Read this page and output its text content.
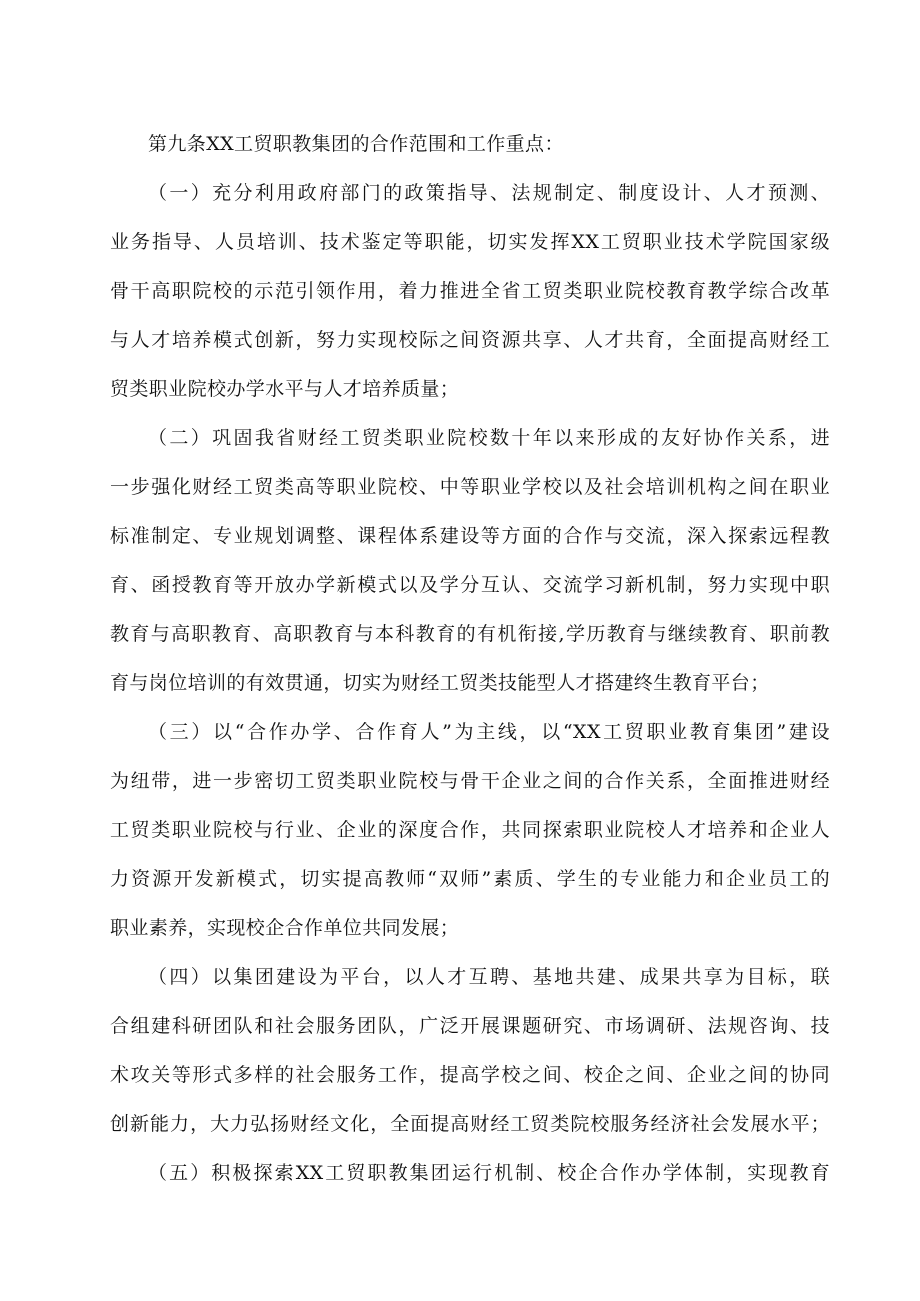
第九条XX工贸职教集团的合作范围和工作重点：
（一）充分利用政府部门的政策指导、法规制定、制度设计、人才预测、
业务指导、人员培训、技术鉴定等职能，切实发挥XX工贸职业技术学院国家级
骨干高职院校的示范引领作用，着力推进全省工贸类职业院校教育教学综合改革
与人才培养模式创新，努力实现校际之间资源共享、人才共育，全面提高财经工
贸类职业院校办学水平与人才培养质量；
（二）巩固我省财经工贸类职业院校数十年以来形成的友好协作关系，进
一步强化财经工贸类高等职业院校、中等职业学校以及社会培训机构之间在职业
标准制定、专业规划调整、课程体系建设等方面的合作与交流，深入探索远程教
育、函授教育等开放办学新模式以及学分互认、交流学习新机制，努力实现中职
教育与高职教育、高职教育与本科教育的有机衔接,学历教育与继续教育、职前教
育与岗位培训的有效贯通，切实为财经工贸类技能型人才搭建终生教育平台；
（三）以“合作办学、合作育人”为主线，以“XX工贸职业教育集团”建设
为纽带，进一步密切工贸类职业院校与骨干企业之间的合作关系，全面推进财经
工贸类职业院校与行业、企业的深度合作，共同探索职业院校人才培养和企业人
力资源开发新模式，切实提高教师“双师”素质、学生的专业能力和企业员工的
职业素养，实现校企合作单位共同发展；
（四）以集团建设为平台，以人才互聘、基地共建、成果共享为目标，联
合组建科研团队和社会服务团队，广泛开展课题研究、市场调研、法规咨询、技
术攻关等形式多样的社会服务工作，提高学校之间、校企之间、企业之间的协同
创新能力，大力弘扬财经文化，全面提高财经工贸类院校服务经济社会发展水平；
（五）积极探索XX工贸职教集团运行机制、校企合作办学体制，实现教育
